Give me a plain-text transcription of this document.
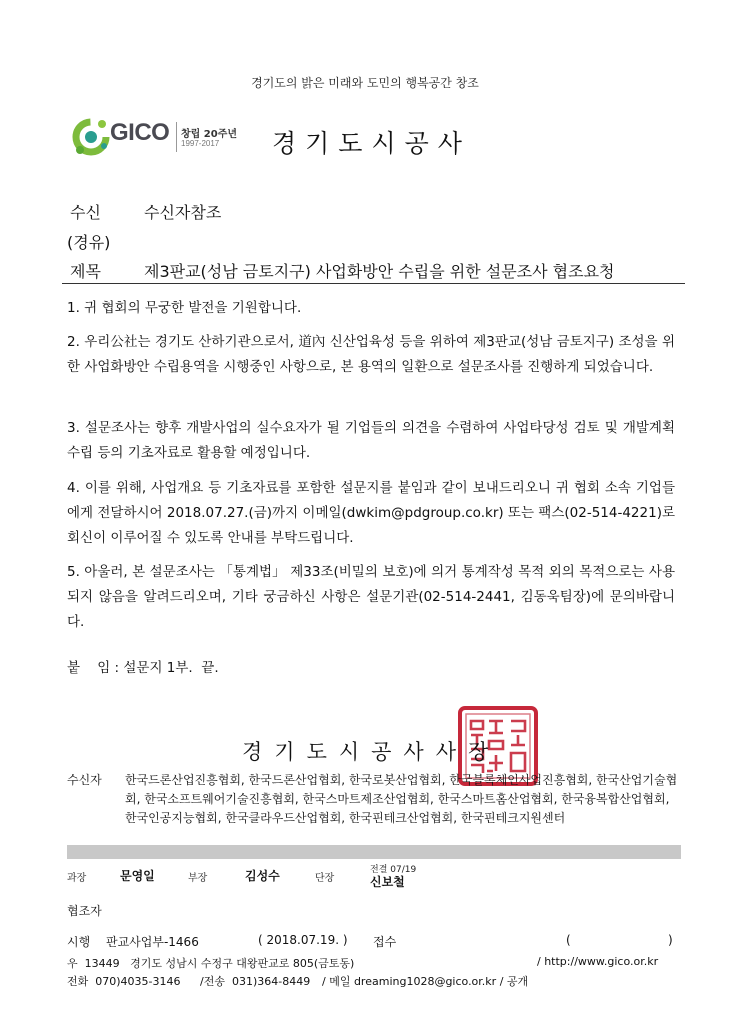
경기도의 밝은 미래와 도민의 행복공간 창조
GICO 창립 20주년
1997-2017 경기도시공사
수신	수신자참조
(경유)
제목	제3판교(성남 금토지구) 사업화방안 수립을 위한 설문조사 협조요청
1. 귀 협회의 무궁한 발전을 기원합니다.
2. 우리公社는 경기도 산하기관으로서, 道內 신산업육성 등을 위하여 제3판교(성남 금토지구) 조성을 위한 사업화방안 수립용역을 시행중인 사항으로, 본 용역의 일환으로 설문조사를 진행하게 되었습니다.
3. 설문조사는 향후 개발사업의 실수요자가 될 기업들의 의견을 수렴하여 사업타당성 검토 및 개발계획 수립 등의 기초자료로 활용할 예정입니다.
4. 이를 위해, 사업개요 등 기초자료를 포함한 설문지를 붙임과 같이 보내드리오니 귀 협회 소속 기업들에게 전달하시어 2018.07.27.(금)까지 이메일(dwkim@pdgroup.co.kr) 또는 팩스(02-514-4221)로 회신이 이루어질 수 있도록 안내를 부탁드립니다.
5. 아울러, 본 설문조사는 「통계법」 제33조(비밀의 보호)에 의거 통계작성 목적 외의 목적으로는 사용되지 않음을 알려드리오며, 기타 궁금하신 사항은 설문기관(02-514-2441, 김동욱팀장)에 문의바랍니다.
붙    임 : 설문지 1부.  끝.
경기도시공사사장
수신자 한국드론산업진흥협회, 한국드론산업협회, 한국로봇산업협회, 한국블록체인사업진흥협회, 한국산업기술협회, 한국소프트웨어기술진흥협회, 한국스마트제조산업협회, 한국스마트홈산업협회, 한국융복합산업협회, 한국인공지능협회, 한국클라우드산업협회, 한국핀테크산업협회, 한국핀테크지원센터
과장	문영일	부장	김성수	단장
전결 07/19
신보철
협조자
시행 판교사업부-1466	( 2018.07.19. ) 접수	(	)
우  13449   경기도 성남시 수정구 대왕판교로 805(금토동)	/ http://www.gico.or.kr
전화  070)4035-3146 /전송  031)364-8449 / 메일 dreaming1028@gico.or.kr / 공개
